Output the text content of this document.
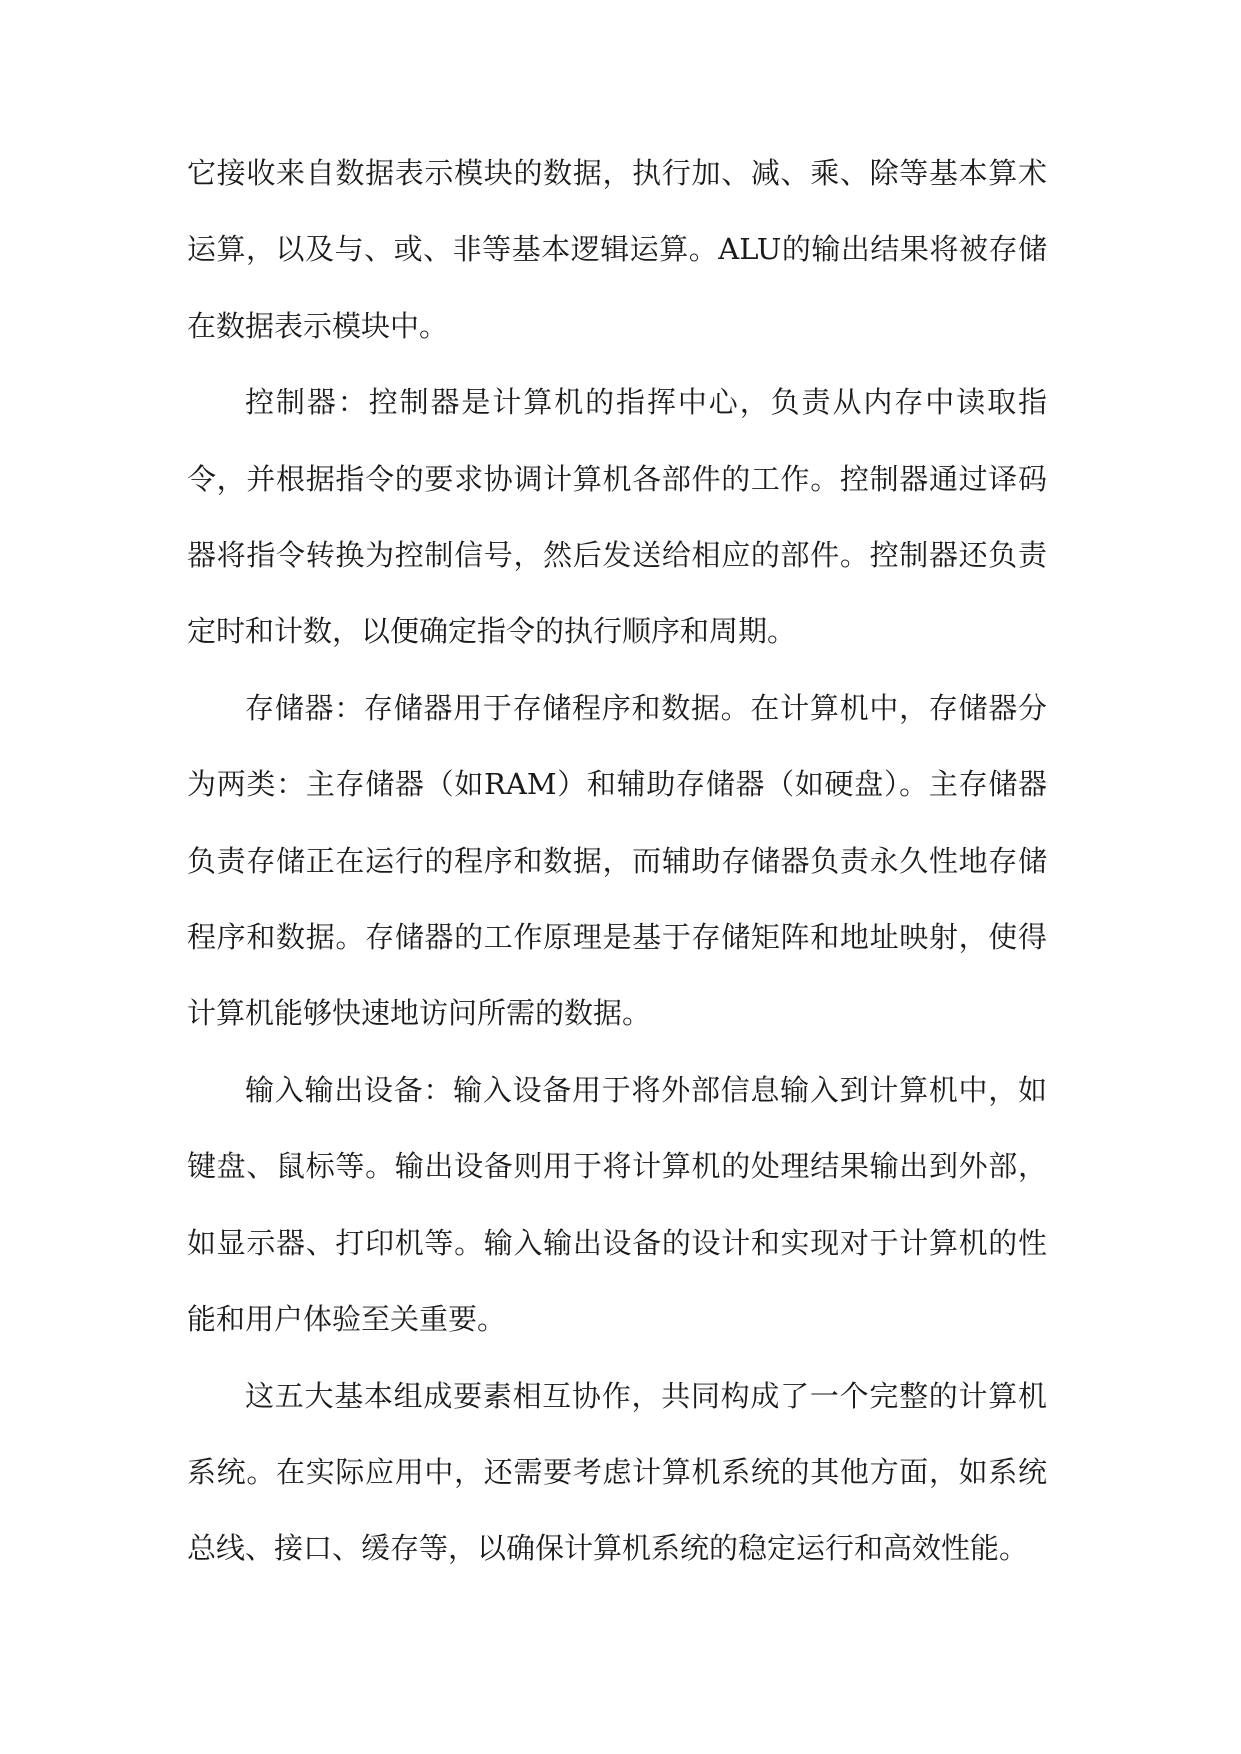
它接收来自数据表示模块的数据，执行加、减、乘、除等基本算术运算，以及与、或、非等基本逻辑运算。ALU的输出结果将被存储在数据表示模块中。

控制器：控制器是计算机的指挥中心，负责从内存中读取指令，并根据指令的要求协调计算机各部件的工作。控制器通过译码器将指令转换为控制信号，然后发送给相应的部件。控制器还负责定时和计数，以便确定指令的执行顺序和周期。

存储器：存储器用于存储程序和数据。在计算机中，存储器分为两类：主存储器（如RAM）和辅助存储器（如硬盘）。主存储器负责存储正在运行的程序和数据，而辅助存储器负责永久性地存储程序和数据。存储器的工作原理是基于存储矩阵和地址映射，使得计算机能够快速地访问所需的数据。

输入输出设备：输入设备用于将外部信息输入到计算机中，如键盘、鼠标等。输出设备则用于将计算机的处理结果输出到外部，如显示器、打印机等。输入输出设备的设计和实现对于计算机的性能和用户体验至关重要。

这五大基本组成要素相互协作，共同构成了一个完整的计算机系统。在实际应用中，还需要考虑计算机系统的其他方面，如系统总线、接口、缓存等，以确保计算机系统的稳定运行和高效性能。
